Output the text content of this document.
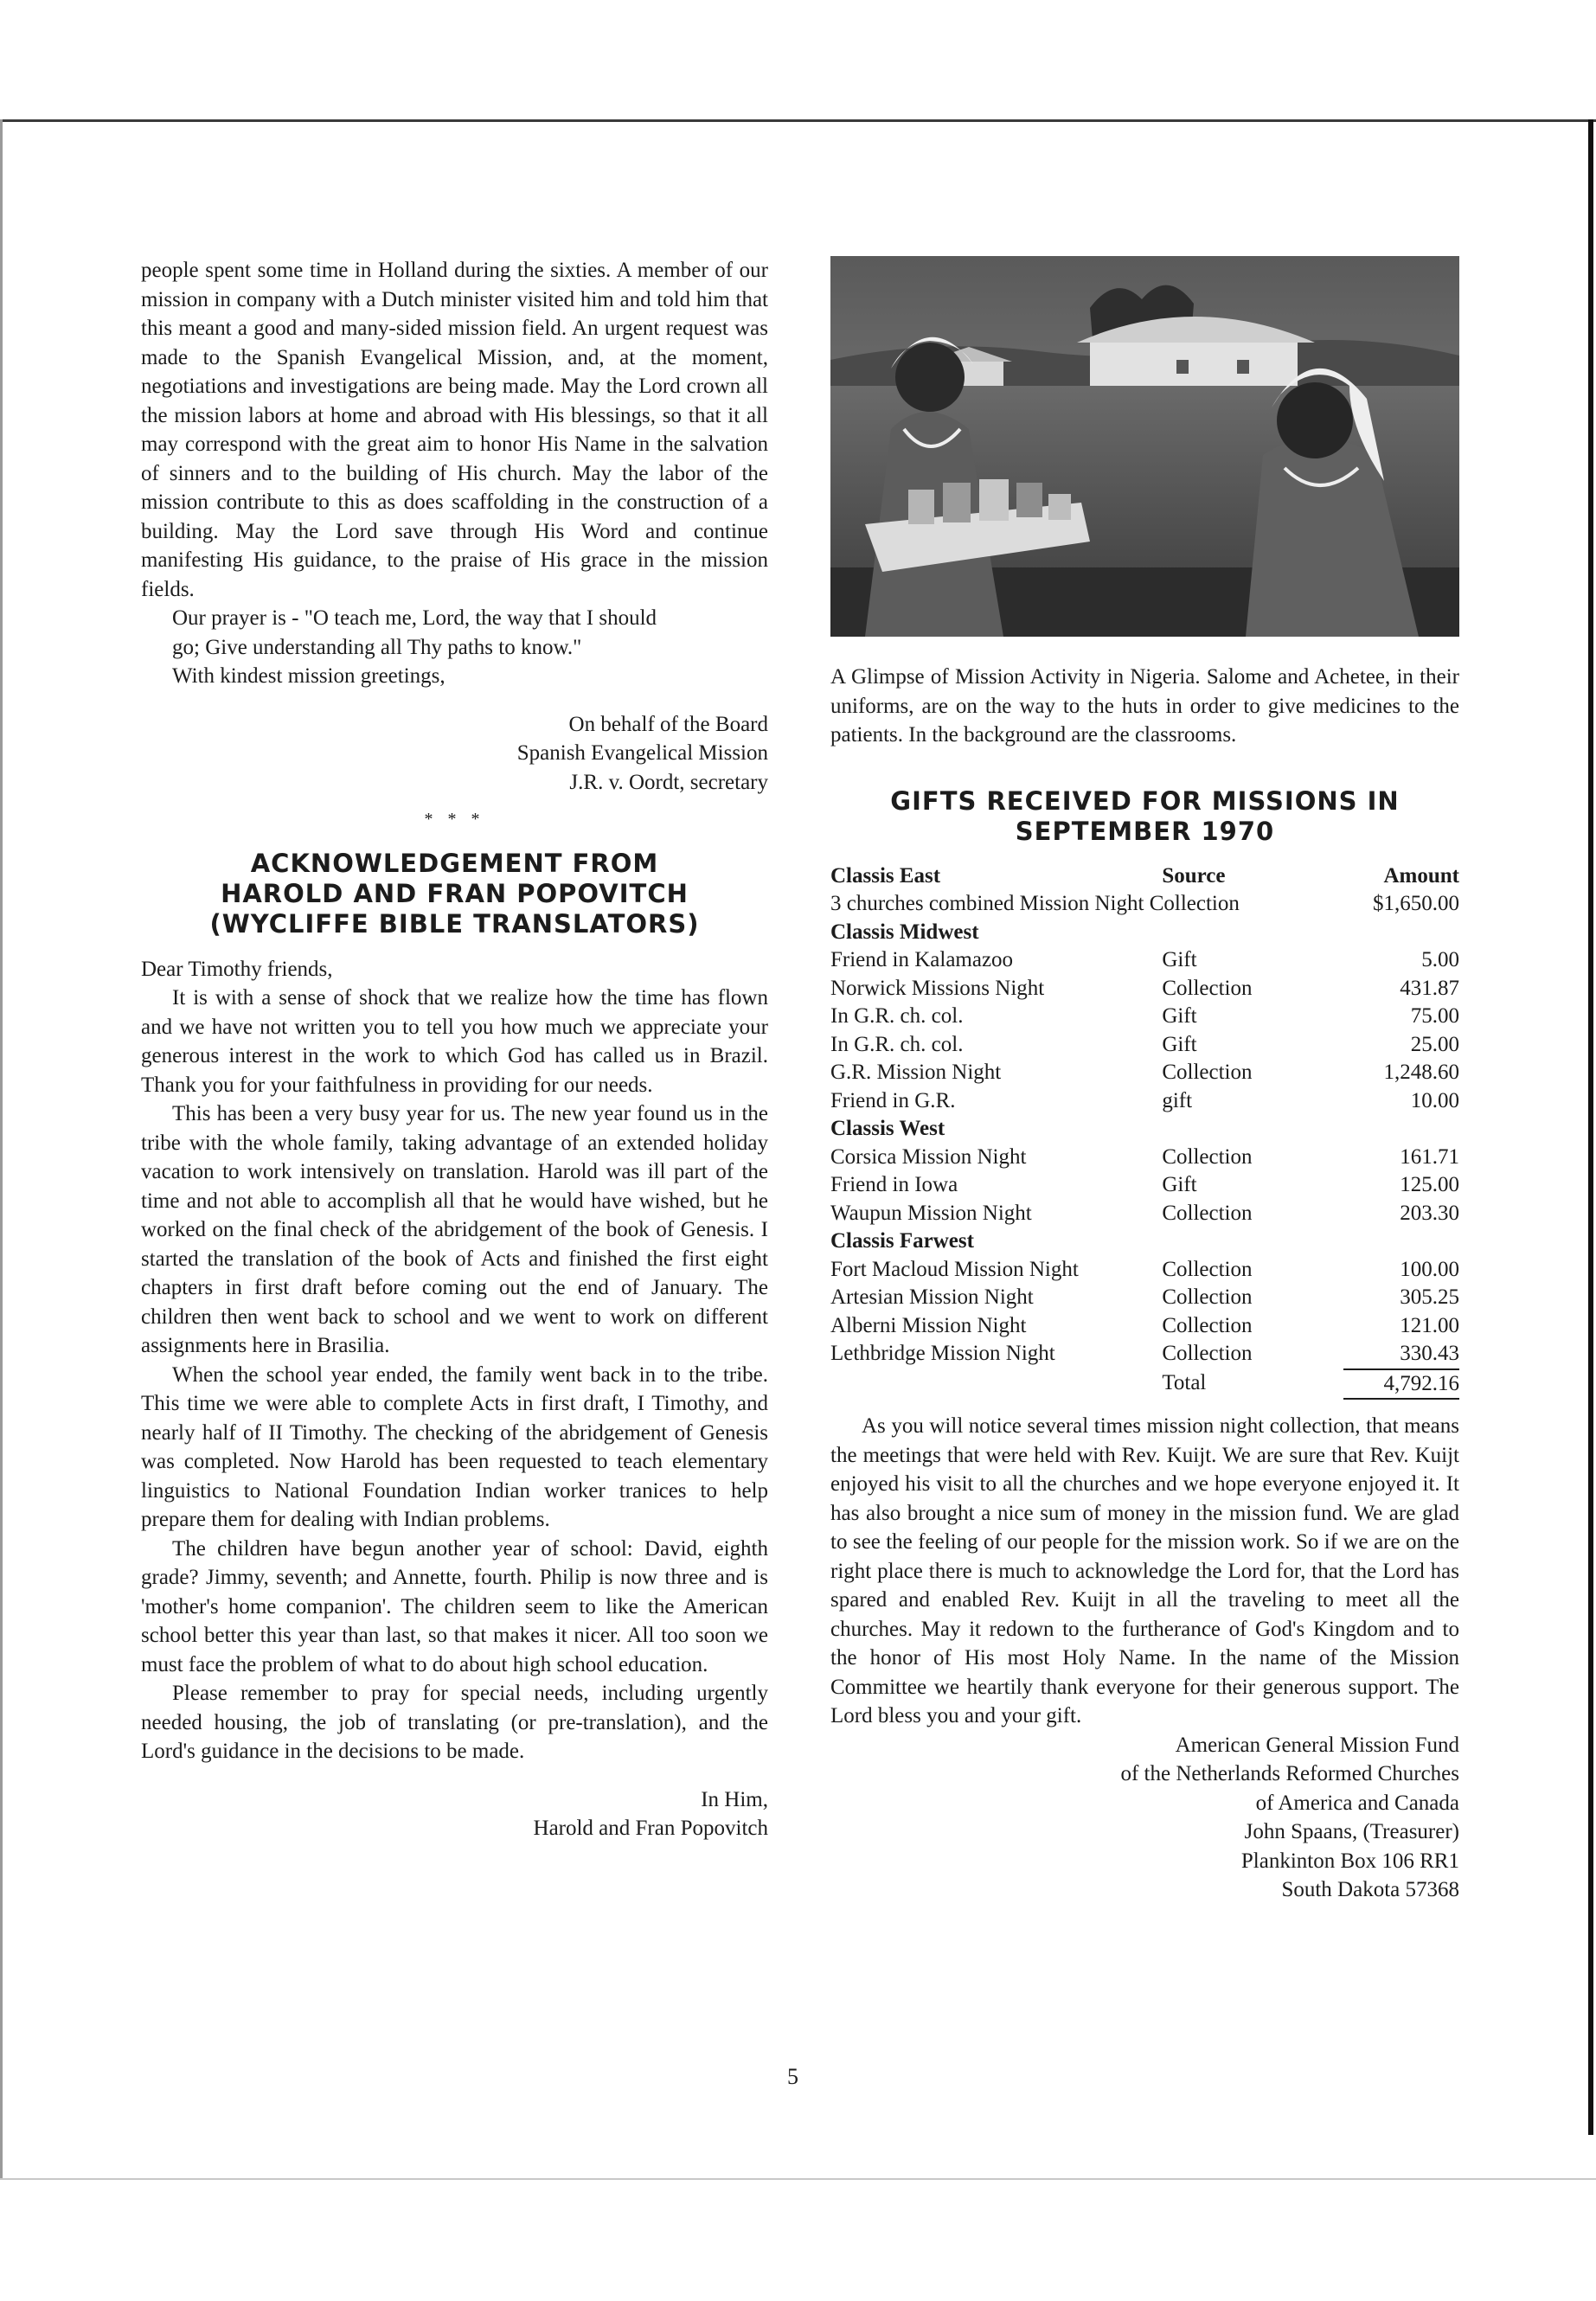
people spent some time in Holland during the sixties. A member of our mission in company with a Dutch minister visited him and told him that this meant a good and many-sided mission field. An urgent request was made to the Spanish Evangelical Mission, and, at the moment, negotiations and investigations are being made. May the Lord crown all the mission labors at home and abroad with His blessings, so that it all may correspond with the great aim to honor His Name in the salvation of sinners and to the building of His church. May the labor of the mission contribute to this as does scaffolding in the construction of a building. May the Lord save through His Word and continue manifesting His guidance, to the praise of His grace in the mission fields.

Our prayer is - "O teach me, Lord, the way that I should
go; Give understanding all Thy paths to know."
With kindest mission greetings,
On behalf of the Board
Spanish Evangelical Mission
J.R. v. Oordt, secretary
* * *
ACKNOWLEDGEMENT FROM
HAROLD AND FRAN POPOVITCH
(WYCLIFFE BIBLE TRANSLATORS)

Dear Timothy friends,

It is with a sense of shock that we realize how the time has flown and we have not written you to tell you how much we appreciate your generous interest in the work to which God has called us in Brazil. Thank you for your faithfulness in providing for our needs.

This has been a very busy year for us. The new year found us in the tribe with the whole family, taking advantage of an extended holiday vacation to work intensively on translation. Harold was ill part of the time and not able to accomplish all that he would have wished, but he worked on the final check of the abridgement of the book of Genesis. I started the translation of the book of Acts and finished the first eight chapters in first draft before coming out the end of January. The children then went back to school and we went to work on different assignments here in Brasilia.

When the school year ended, the family went back in to the tribe. This time we were able to complete Acts in first draft, I Timothy, and nearly half of II Timothy. The checking of the abridgement of Genesis was completed. Now Harold has been requested to teach elementary linguistics to National Foundation Indian worker tranices to help prepare them for dealing with Indian problems.

The children have begun another year of school: David, eighth grade? Jimmy, seventh; and Annette, fourth. Philip is now three and is 'mother's home companion'. The children seem to like the American school better this year than last, so that makes it nicer. All too soon we must face the problem of what to do about high school education.

Please remember to pray for special needs, including urgently needed housing, the job of translating (or pre-translation), and the Lord's guidance in the decisions to be made.

In Him,
Harold and Fran Popovitch

A Glimpse of Mission Activity in Nigeria. Salome and Achetee, in their uniforms, are on the way to the huts in order to give medicines to the patients. In the background are the classrooms.

GIFTS RECEIVED FOR MISSIONS IN
SEPTEMBER 1970
Classis East	Source	Amount
3 churches combined Mission Night Collection		$1,650.00
Classis Midwest		
Friend in Kalamazoo	Gift	5.00
Norwick Missions Night	Collection	431.87
In G.R. ch. col.	Gift	75.00
In G.R. ch. col.	Gift	25.00
G.R. Mission Night	Collection	1,248.60
Friend in G.R.	gift	10.00
Classis West		
Corsica Mission Night	Collection	161.71
Friend in Iowa	Gift	125.00
Waupun Mission Night	Collection	203.30
Classis Farwest		
Fort Macloud Mission Night	Collection	100.00
Artesian Mission Night	Collection	305.25
Alberni Mission Night	Collection	121.00
Lethbridge Mission Night	Collection	330.43
	Total	4,792.16

As you will notice several times mission night collection, that means the meetings that were held with Rev. Kuijt. We are sure that Rev. Kuijt enjoyed his visit to all the churches and we hope everyone enjoyed it. It has also brought a nice sum of money in the mission fund. We are glad to see the feeling of our people for the mission work. So if we are on the right place there is much to acknowledge the Lord for, that the Lord has spared and enabled Rev. Kuijt in all the traveling to meet all the churches. May it redown to the furtherance of God's Kingdom and to the honor of His most Holy Name. In the name of the Mission Committee we heartily thank everyone for their generous support. The Lord bless you and your gift.

American General Mission Fund
of the Netherlands Reformed Churches
of America and Canada
John Spaans, (Treasurer)
Plankinton Box 106 RR1
South Dakota 57368
5
